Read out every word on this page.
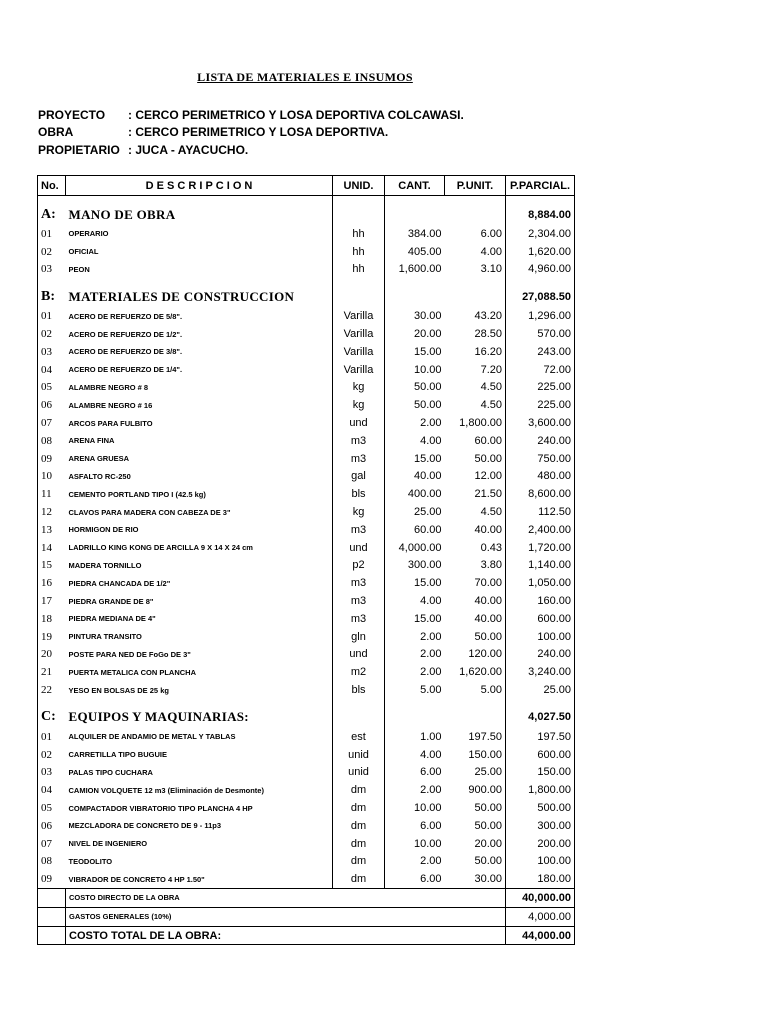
LISTA DE MATERIALES E INSUMOS
PROYECTO : CERCO PERIMETRICO Y LOSA DEPORTIVA COLCAWASI.
OBRA	: CERCO PERIMETRICO Y LOSA DEPORTIVA.
PROPIETARIO : JUCA - AYACUCHO.
No.	D E S C R I P C I O N	UNID.	CANT.	P.UNIT.	P.PARCIAL.
A:	MANO DE OBRA				8,884.00
01	OPERARIO	hh	384.00	6.00	2,304.00
02	OFICIAL	hh	405.00	4.00	1,620.00
03	PEON	hh	1,600.00	3.10	4,960.00
B:	MATERIALES DE CONSTRUCCION				27,088.50
01	ACERO DE REFUERZO DE 5/8".	Varilla	30.00	43.20	1,296.00
02	ACERO DE REFUERZO DE 1/2".	Varilla	20.00	28.50	570.00
03	ACERO DE REFUERZO DE 3/8".	Varilla	15.00	16.20	243.00
04	ACERO DE REFUERZO DE 1/4".	Varilla	10.00	7.20	72.00
05	ALAMBRE NEGRO # 8	kg	50.00	4.50	225.00
06	ALAMBRE NEGRO # 16	kg	50.00	4.50	225.00
07	ARCOS PARA FULBITO	und	2.00	1,800.00	3,600.00
08	ARENA FINA	m3	4.00	60.00	240.00
09	ARENA GRUESA	m3	15.00	50.00	750.00
10	ASFALTO RC-250	gal	40.00	12.00	480.00
11	CEMENTO PORTLAND TIPO I (42.5 kg)	bls	400.00	21.50	8,600.00
12	CLAVOS PARA MADERA CON CABEZA DE 3"	kg	25.00	4.50	112.50
13	HORMIGON DE RIO	m3	60.00	40.00	2,400.00
14	LADRILLO KING KONG DE ARCILLA 9 X 14 X 24 cm	und	4,000.00	0.43	1,720.00
15	MADERA TORNILLO	p2	300.00	3.80	1,140.00
16	PIEDRA CHANCADA DE 1/2"	m3	15.00	70.00	1,050.00
17	PIEDRA GRANDE DE 8"	m3	4.00	40.00	160.00
18	PIEDRA MEDIANA DE 4"	m3	15.00	40.00	600.00
19	PINTURA TRANSITO	gln	2.00	50.00	100.00
20	POSTE PARA NED DE FoGo DE 3"	und	2.00	120.00	240.00
21	PUERTA METALICA CON PLANCHA	m2	2.00	1,620.00	3,240.00
22	YESO EN BOLSAS DE 25 kg	bls	5.00	5.00	25.00
C:	EQUIPOS Y MAQUINARIAS:				4,027.50
01	ALQUILER DE ANDAMIO DE METAL Y TABLAS	est	1.00	197.50	197.50
02	CARRETILLA TIPO BUGUIE	unid	4.00	150.00	600.00
03	PALAS TIPO CUCHARA	unid	6.00	25.00	150.00
04	CAMION VOLQUETE 12 m3 (Eliminación de Desmonte)	dm	2.00	900.00	1,800.00
05	COMPACTADOR VIBRATORIO TIPO PLANCHA 4 HP	dm	10.00	50.00	500.00
06	MEZCLADORA DE CONCRETO DE 9 - 11p3	dm	6.00	50.00	300.00
07	NIVEL DE INGENIERO	dm	10.00	20.00	200.00
08	TEODOLITO	dm	2.00	50.00	100.00
09	VIBRADOR DE CONCRETO 4 HP 1.50"	dm	6.00	30.00	180.00
	COSTO DIRECTO DE LA OBRA				40,000.00
	GASTOS GENERALES (10%)				4,000.00
	COSTO TOTAL DE LA OBRA:				44,000.00
